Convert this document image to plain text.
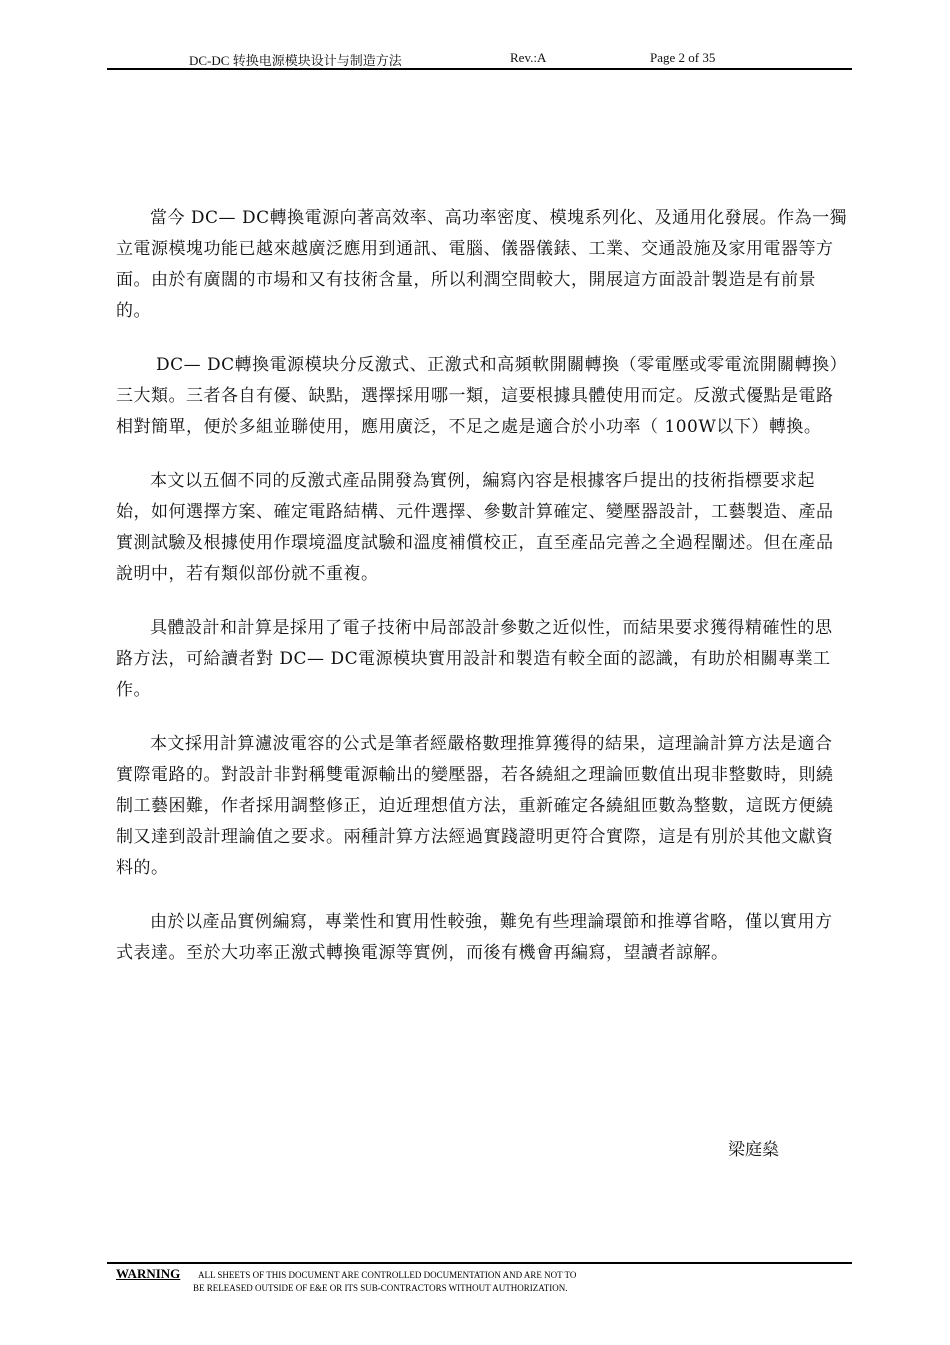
DC-DC 转换电源模块设计与制造方法	Rev.:A	Page 2 of 35

當今 DC— DC轉換電源向著高效率、高功率密度、模塊系列化、及通用化發展。作為一獨立電源模塊功能已越來越廣泛應用到通訊、電腦、儀器儀錶、工業、交通設施及家用電器等方面。由於有廣闊的市場和又有技術含量，所以利潤空間較大，開展這方面設計製造是有前景的。

DC— DC轉換電源模块分反激式、正激式和高頻軟開關轉換（零電壓或零電流開關轉換）三大類。三者各自有優、缺點，選擇採用哪一類，這要根據具體使用而定。反激式優點是電路相對簡單，便於多組並聯使用，應用廣泛，不足之處是適合於小功率（ 100W以下）轉換。

本文以五個不同的反激式產品開發為實例，編寫內容是根據客戶提出的技術指標要求起始，如何選擇方案、確定電路結構、元件選擇、參數計算確定、變壓器設計，工藝製造、產品實測試驗及根據使用作環境溫度試驗和溫度補償校正，直至產品完善之全過程闡述。但在產品說明中，若有類似部份就不重複。

具體設計和計算是採用了電子技術中局部設計參數之近似性，而結果要求獲得精確性的思路方法，可給讀者對 DC— DC電源模块實用設計和製造有較全面的認識，有助於相關專業工作。

本文採用計算濾波電容的公式是筆者經嚴格數理推算獲得的結果，這理論計算方法是適合實際電路的。對設計非對稱雙電源輸出的變壓器，若各繞組之理論匝數值出現非整數時，則繞制工藝困難，作者採用調整修正，迫近理想值方法，重新確定各繞組匝數為整數，這既方便繞制又達到設計理論值之要求。兩種計算方法經過實踐證明更符合實際，這是有別於其他文獻資料的。

由於以產品實例編寫，專業性和實用性較強，難免有些理論環節和推導省略，僅以實用方式表達。至於大功率正激式轉換電源等實例，而後有機會再編寫，望讀者諒解。

梁庭燊
WARNING ALL SHEETS OF THIS DOCUMENT ARE CONTROLLED DOCUMENTATION AND ARE NOT TO
BE RELEASED OUTSIDE OF E&E OR ITS SUB-CONTRACTORS WITHOUT AUTHORIZATION.
